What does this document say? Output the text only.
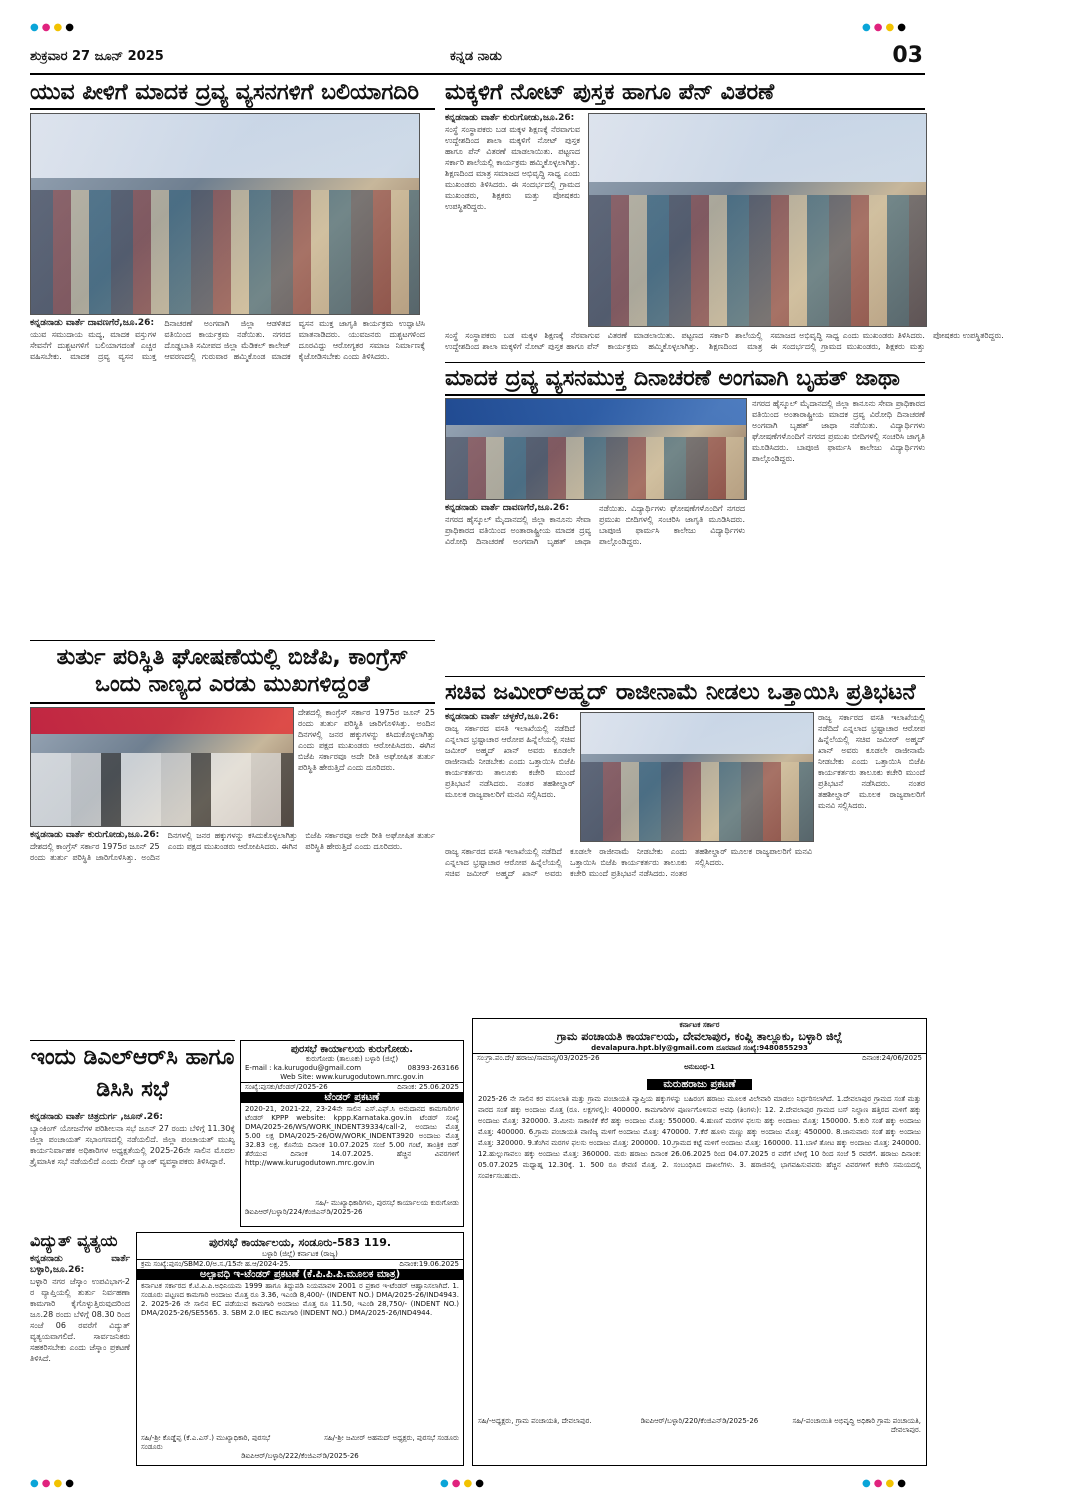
ಶುಕ್ರವಾರ 27 ಜೂನ್ 2025	ಕನ್ನಡ ನಾಡು	03
ಯುವ ಪೀಳಿಗೆ ಮಾದಕ ದ್ರವ್ಯ ವ್ಯಸನಗಳಿಗೆ ಬಲಿಯಾಗದಿರಿ
ಕನ್ನಡನಾಡು ವಾರ್ತೆ ದಾವಣಗೆರೆ,ಜೂ.26:
ಯುವ ಸಮುದಾಯ ಮದ್ಯ, ಮಾದಕ ವಸ್ತುಗಳ ಸೇವನೆಗೆ ದುಶ್ಚಟಗಳಿಗೆ ಬಲಿಯಾಗದಂತೆ ಎಚ್ಚರ ವಹಿಸಬೇಕು. ಮಾದಕ ದ್ರವ್ಯ ವ್ಯಸನ ಮುಕ್ತ ದಿನಾಚರಣೆ ಅಂಗವಾಗಿ ಜಿಲ್ಲಾ ಆಡಳಿತದ ವತಿಯಿಂದ ಕಾರ್ಯಕ್ರಮ ನಡೆಯಿತು. ನಗರದ ದೊಡ್ಡಬಾತಿ ಸಮೀಪದ ಜಿಲ್ಲಾ ಮೆಡಿಕಲ್ ಕಾಲೇಜ್ ಆವರಣದಲ್ಲಿ ಗುರುವಾರ ಹಮ್ಮಿಕೊಂಡ ಮಾದಕ ವ್ಯಸನ ಮುಕ್ತ ಜಾಗೃತಿ ಕಾರ್ಯಕ್ರಮ ಉದ್ಘಾಟಿಸಿ ಮಾತನಾಡಿದರು. ಯುವಜನರು ದುಶ್ಚಟಗಳಿಂದ ದೂರವಿದ್ದು ಆರೋಗ್ಯಕರ ಸಮಾಜ ನಿರ್ಮಾಣಕ್ಕೆ ಕೈಜೋಡಿಸಬೇಕು ಎಂದು ತಿಳಿಸಿದರು.
ಮಕ್ಕಳಿಗೆ ನೋಟ್ ಪುಸ್ತಕ ಹಾಗೂ ಪೆನ್ ವಿತರಣೆ
ಕನ್ನಡನಾಡು ವಾರ್ತೆ ಕುರುಗೋಡು,ಜೂ.26:
ಸಂಸ್ಥೆ ಸಂಸ್ಥಾಪಕರು ಬಡ ಮಕ್ಕಳ ಶಿಕ್ಷಣಕ್ಕೆ ನೆರವಾಗುವ ಉದ್ದೇಶದಿಂದ ಶಾಲಾ ಮಕ್ಕಳಿಗೆ ನೋಟ್ ಪುಸ್ತಕ ಹಾಗೂ ಪೆನ್ ವಿತರಣೆ ಮಾಡಲಾಯಿತು. ಪಟ್ಟಣದ ಸರ್ಕಾರಿ ಶಾಲೆಯಲ್ಲಿ ಕಾರ್ಯಕ್ರಮ ಹಮ್ಮಿಕೊಳ್ಳಲಾಗಿತ್ತು. ಶಿಕ್ಷಣದಿಂದ ಮಾತ್ರ ಸಮಾಜದ ಅಭಿವೃದ್ಧಿ ಸಾಧ್ಯ ಎಂದು ಮುಖಂಡರು ತಿಳಿಸಿದರು. ಈ ಸಂದರ್ಭದಲ್ಲಿ ಗ್ರಾಮದ ಮುಖಂಡರು, ಶಿಕ್ಷಕರು ಮತ್ತು ಪೋಷಕರು ಉಪಸ್ಥಿತರಿದ್ದರು.
ಸಂಸ್ಥೆ ಸಂಸ್ಥಾಪಕರು ಬಡ ಮಕ್ಕಳ ಶಿಕ್ಷಣಕ್ಕೆ ನೆರವಾಗುವ ಉದ್ದೇಶದಿಂದ ಶಾಲಾ ಮಕ್ಕಳಿಗೆ ನೋಟ್ ಪುಸ್ತಕ ಹಾಗೂ ಪೆನ್ ವಿತರಣೆ ಮಾಡಲಾಯಿತು. ಪಟ್ಟಣದ ಸರ್ಕಾರಿ ಶಾಲೆಯಲ್ಲಿ ಕಾರ್ಯಕ್ರಮ ಹಮ್ಮಿಕೊಳ್ಳಲಾಗಿತ್ತು. ಶಿಕ್ಷಣದಿಂದ ಮಾತ್ರ ಸಮಾಜದ ಅಭಿವೃದ್ಧಿ ಸಾಧ್ಯ ಎಂದು ಮುಖಂಡರು ತಿಳಿಸಿದರು. ಈ ಸಂದರ್ಭದಲ್ಲಿ ಗ್ರಾಮದ ಮುಖಂಡರು, ಶಿಕ್ಷಕರು ಮತ್ತು ಪೋಷಕರು ಉಪಸ್ಥಿತರಿದ್ದರು.
ಮಾದಕ ದ್ರವ್ಯ ವ್ಯಸನಮುಕ್ತ ದಿನಾಚರಣೆ ಅಂಗವಾಗಿ ಬೃಹತ್ ಜಾಥಾ
ನಗರದ ಹೈಸ್ಕೂಲ್ ಮೈದಾನದಲ್ಲಿ ಜಿಲ್ಲಾ ಕಾನೂನು ಸೇವಾ ಪ್ರಾಧಿಕಾರದ ವತಿಯಿಂದ ಅಂತಾರಾಷ್ಟ್ರೀಯ ಮಾದಕ ದ್ರವ್ಯ ವಿರೋಧಿ ದಿನಾಚರಣೆ ಅಂಗವಾಗಿ ಬೃಹತ್ ಜಾಥಾ ನಡೆಯಿತು. ವಿದ್ಯಾರ್ಥಿಗಳು ಘೋಷಣೆಗಳೊಂದಿಗೆ ನಗರದ ಪ್ರಮುಖ ಬೀದಿಗಳಲ್ಲಿ ಸಂಚರಿಸಿ ಜಾಗೃತಿ ಮೂಡಿಸಿದರು. ಬಾಪೂಜಿ ಫಾರ್ಮಸಿ ಕಾಲೇಜು ವಿದ್ಯಾರ್ಥಿಗಳು ಪಾಲ್ಗೊಂಡಿದ್ದರು.
ಕನ್ನಡನಾಡು ವಾರ್ತೆ ದಾವಣಗೆರೆ,ಜೂ.26:
ನಗರದ ಹೈಸ್ಕೂಲ್ ಮೈದಾನದಲ್ಲಿ ಜಿಲ್ಲಾ ಕಾನೂನು ಸೇವಾ ಪ್ರಾಧಿಕಾರದ ವತಿಯಿಂದ ಅಂತಾರಾಷ್ಟ್ರೀಯ ಮಾದಕ ದ್ರವ್ಯ ವಿರೋಧಿ ದಿನಾಚರಣೆ ಅಂಗವಾಗಿ ಬೃಹತ್ ಜಾಥಾ ನಡೆಯಿತು. ವಿದ್ಯಾರ್ಥಿಗಳು ಘೋಷಣೆಗಳೊಂದಿಗೆ ನಗರದ ಪ್ರಮುಖ ಬೀದಿಗಳಲ್ಲಿ ಸಂಚರಿಸಿ ಜಾಗೃತಿ ಮೂಡಿಸಿದರು. ಬಾಪೂಜಿ ಫಾರ್ಮಸಿ ಕಾಲೇಜು ವಿದ್ಯಾರ್ಥಿಗಳು ಪಾಲ್ಗೊಂಡಿದ್ದರು.
ತುರ್ತು ಪರಿಸ್ಥಿತಿ ಘೋಷಣೆಯಲ್ಲಿ ಬಿಜೆಪಿ, ಕಾಂಗ್ರೆಸ್ ಒಂದು ನಾಣ್ಯದ ಎರಡು ಮುಖಗಳಿದ್ದಂತೆ
ದೇಶದಲ್ಲಿ ಕಾಂಗ್ರೆಸ್ ಸರ್ಕಾರ 1975ರ ಜೂನ್ 25 ರಂದು ತುರ್ತು ಪರಿಸ್ಥಿತಿ ಜಾರಿಗೊಳಿಸಿತ್ತು. ಅಂದಿನ ದಿನಗಳಲ್ಲಿ ಜನರ ಹಕ್ಕುಗಳನ್ನು ಕಸಿದುಕೊಳ್ಳಲಾಗಿತ್ತು ಎಂದು ಪಕ್ಷದ ಮುಖಂಡರು ಆರೋಪಿಸಿದರು. ಈಗಿನ ಬಿಜೆಪಿ ಸರ್ಕಾರವೂ ಅದೇ ರೀತಿ ಅಘೋಷಿತ ತುರ್ತು ಪರಿಸ್ಥಿತಿ ಹೇರುತ್ತಿದೆ ಎಂದು ದೂರಿದರು.
ಕನ್ನಡನಾಡು ವಾರ್ತೆ ಕುರುಗೋಡು,ಜೂ.26:
ದೇಶದಲ್ಲಿ ಕಾಂಗ್ರೆಸ್ ಸರ್ಕಾರ 1975ರ ಜೂನ್ 25 ರಂದು ತುರ್ತು ಪರಿಸ್ಥಿತಿ ಜಾರಿಗೊಳಿಸಿತ್ತು. ಅಂದಿನ ದಿನಗಳಲ್ಲಿ ಜನರ ಹಕ್ಕುಗಳನ್ನು ಕಸಿದುಕೊಳ್ಳಲಾಗಿತ್ತು ಎಂದು ಪಕ್ಷದ ಮುಖಂಡರು ಆರೋಪಿಸಿದರು. ಈಗಿನ ಬಿಜೆಪಿ ಸರ್ಕಾರವೂ ಅದೇ ರೀತಿ ಅಘೋಷಿತ ತುರ್ತು ಪರಿಸ್ಥಿತಿ ಹೇರುತ್ತಿದೆ ಎಂದು ದೂರಿದರು.
ಸಚಿವ ಜಮೀರ್‌ಅಹ್ಮದ್ ರಾಜೀನಾಮೆ ನೀಡಲು ಒತ್ತಾಯಿಸಿ ಪ್ರತಿಭಟನೆ
ಕನ್ನಡನಾಡು ವಾರ್ತೆ ಚಳ್ಳಕೆರೆ,ಜೂ.26:
ರಾಜ್ಯ ಸರ್ಕಾರದ ವಸತಿ ಇಲಾಖೆಯಲ್ಲಿ ನಡೆದಿದೆ ಎನ್ನಲಾದ ಭ್ರಷ್ಟಾಚಾರ ಆರೋಪ ಹಿನ್ನೆಲೆಯಲ್ಲಿ ಸಚಿವ ಜಮೀರ್ ಅಹ್ಮದ್ ಖಾನ್ ಅವರು ಕೂಡಲೇ ರಾಜೀನಾಮೆ ನೀಡಬೇಕು ಎಂದು ಒತ್ತಾಯಿಸಿ ಬಿಜೆಪಿ ಕಾರ್ಯಕರ್ತರು ತಾಲೂಕು ಕಚೇರಿ ಮುಂದೆ ಪ್ರತಿಭಟನೆ ನಡೆಸಿದರು. ನಂತರ ತಹಶೀಲ್ದಾರ್ ಮೂಲಕ ರಾಜ್ಯಪಾಲರಿಗೆ ಮನವಿ ಸಲ್ಲಿಸಿದರು.
ರಾಜ್ಯ ಸರ್ಕಾರದ ವಸತಿ ಇಲಾಖೆಯಲ್ಲಿ ನಡೆದಿದೆ ಎನ್ನಲಾದ ಭ್ರಷ್ಟಾಚಾರ ಆರೋಪ ಹಿನ್ನೆಲೆಯಲ್ಲಿ ಸಚಿವ ಜಮೀರ್ ಅಹ್ಮದ್ ಖಾನ್ ಅವರು ಕೂಡಲೇ ರಾಜೀನಾಮೆ ನೀಡಬೇಕು ಎಂದು ಒತ್ತಾಯಿಸಿ ಬಿಜೆಪಿ ಕಾರ್ಯಕರ್ತರು ತಾಲೂಕು ಕಚೇರಿ ಮುಂದೆ ಪ್ರತಿಭಟನೆ ನಡೆಸಿದರು. ನಂತರ ತಹಶೀಲ್ದಾರ್ ಮೂಲಕ ರಾಜ್ಯಪಾಲರಿಗೆ ಮನವಿ ಸಲ್ಲಿಸಿದರು.
ರಾಜ್ಯ ಸರ್ಕಾರದ ವಸತಿ ಇಲಾಖೆಯಲ್ಲಿ ನಡೆದಿದೆ ಎನ್ನಲಾದ ಭ್ರಷ್ಟಾಚಾರ ಆರೋಪ ಹಿನ್ನೆಲೆಯಲ್ಲಿ ಸಚಿವ ಜಮೀರ್ ಅಹ್ಮದ್ ಖಾನ್ ಅವರು ಕೂಡಲೇ ರಾಜೀನಾಮೆ ನೀಡಬೇಕು ಎಂದು ಒತ್ತಾಯಿಸಿ ಬಿಜೆಪಿ ಕಾರ್ಯಕರ್ತರು ತಾಲೂಕು ಕಚೇರಿ ಮುಂದೆ ಪ್ರತಿಭಟನೆ ನಡೆಸಿದರು. ನಂತರ ತಹಶೀಲ್ದಾರ್ ಮೂಲಕ ರಾಜ್ಯಪಾಲರಿಗೆ ಮನವಿ ಸಲ್ಲಿಸಿದರು.
ಇಂದು ಡಿಎಲ್‌ಆರ್‌ಸಿ ಹಾಗೂ ಡಿಸಿಸಿ ಸಭೆ
ಕನ್ನಡನಾಡು ವಾರ್ತೆ ಚಿತ್ರದುರ್ಗ ,ಜೂನ್.26:
ಬ್ಯಾಂಕಿಂಗ್ ಯೋಜನೆಗಳ ಪರಿಶೀಲನಾ ಸಭೆ ಜೂನ್ 27 ರಂದು ಬೆಳಿಗ್ಗೆ 11.30ಕ್ಕೆ ಜಿಲ್ಲಾ ಪಂಚಾಯತ್ ಸಭಾಂಗಣದಲ್ಲಿ ನಡೆಯಲಿದೆ. ಜಿಲ್ಲಾ ಪಂಚಾಯತ್ ಮುಖ್ಯ ಕಾರ್ಯನಿರ್ವಾಹಕ ಅಧಿಕಾರಿಗಳ ಅಧ್ಯಕ್ಷತೆಯಲ್ಲಿ 2025-26ನೇ ಸಾಲಿನ ಮೊದಲ ತ್ರೈಮಾಸಿಕ ಸಭೆ ನಡೆಯಲಿದೆ ಎಂದು ಲೀಡ್ ಬ್ಯಾಂಕ್ ವ್ಯವಸ್ಥಾಪಕರು ತಿಳಿಸಿದ್ದಾರೆ.
ವಿದ್ಯುತ್ ವ್ಯತ್ಯಯ
ಕನ್ನಡನಾಡು ವಾರ್ತೆ ಬಳ್ಳಾರಿ,ಜೂ.26:
ಬಳ್ಳಾರಿ ನಗರ ಜೆಸ್ಕಾಂ ಉಪವಿಭಾಗ-2 ರ ವ್ಯಾಪ್ತಿಯಲ್ಲಿ ತುರ್ತು ನಿರ್ವಹಣಾ ಕಾಮಗಾರಿ ಕೈಗೊಳ್ಳುತ್ತಿರುವುದರಿಂದ ಜೂ.28 ರಂದು ಬೆಳಿಗ್ಗೆ 08.30 ರಿಂದ ಸಂಜೆ 06 ರವರೆಗೆ ವಿದ್ಯುತ್ ವ್ಯತ್ಯಯವಾಗಲಿದೆ. ಸಾರ್ವಜನಿಕರು ಸಹಕರಿಸಬೇಕು ಎಂದು ಜೆಸ್ಕಾಂ ಪ್ರಕಟಣೆ ತಿಳಿಸಿದೆ.
ಪುರಸಭೆ ಕಾರ್ಯಾಲಯ ಕುರುಗೋಡು.
ಕುರುಗೋಡು (ತಾಲೂಕು) ಬಳ್ಳಾರಿ (ಜಿಲ್ಲೆ)
E-mail : ka.kurugodu@gmail.com	08393-263166
Web Site: www.kurugodutown.mrc.gov.in
ಸಂಖ್ಯೆ:ಪುಸಕು/ಟೆಂಡರ್/2025-26	ದಿನಾಂಕ: 25.06.2025
ಟೆಂಡರ್ ಪ್ರಕಟಣೆ
2020-21, 2021-22, 23-24ನೇ ಸಾಲಿನ ಎಸ್.ಎಫ್.ಸಿ ಅನುದಾನದ ಕಾಮಗಾರಿಗಳ ಟೆಂಡರ್ KPPP website: kppp.Karnataka.gov.in ಟೆಂಡರ್ ಸಂಖ್ಯೆ DMA/2025-26/WS/WORK_INDENT39334/call-2, ಅಂದಾಜು ಮೊತ್ತ 5.00 ಲಕ್ಷ DMA/2025-26/OW/WORK_INDENT3920 ಅಂದಾಜು ಮೊತ್ತ 32.83 ಲಕ್ಷ. ಕೊನೆಯ ದಿನಾಂಕ 10.07.2025 ಸಂಜೆ 5.00 ಗಂಟೆ, ತಾಂತ್ರಿಕ ಬಿಡ್ ತೆರೆಯುವ ದಿನಾಂಕ 14.07.2025. ಹೆಚ್ಚಿನ ವಿವರಗಳಿಗೆ http://www.kurugodutown.mrc.gov.in
ಸಹಿ/- ಮುಖ್ಯಾಧಿಕಾರಿಗಳು, ಪುರಸಭೆ ಕಾರ್ಯಾಲಯ ಕುರುಗೋಡು
ಡಿಐಪಿಆರ್/ಬಳ್ಳಾರಿ/224/ಕೆಂಜಿಎನ್‌ಡಿ/2025-26
ಪುರಸಭೆ ಕಾರ್ಯಾಲಯ, ಸಂಡೂರು-583 119.
ಬಳ್ಳಾರಿ (ಜಿಲ್ಲೆ) ಕರ್ನಾಟಕ (ರಾಜ್ಯ)
ಕ್ರಮ ಸಂಖ್ಯೆ:ಪುಸಂ/SBM2.0/ಅ.ಸ./15ನೇ ಹ.ಆ/2024-25.	ದಿನಾಂಕ:19.06.2025
ಅಲ್ಪಾವಧಿ ಇ-ಟೆಂಡರ್ ಪ್ರಕಟಣೆ (ಕೆ.ಪಿ.ಪಿ.ಪಿ.ಮೂಲಕ ಮಾತ್ರ)
ಕರ್ನಾಟಕ ಸರ್ಕಾರದ ಕೆ.ಟಿ.ಪಿ.ಪಿ.ಅಧಿನಿಯಮ 1999 ಹಾಗೂ ತಿದ್ದುಪಡಿ ನಿಯಮಾವಳಿ 2001 ರ ಪ್ರಕಾರ ಇ-ಟೆಂಡರ್ ಆಹ್ವಾನಿಸಲಾಗಿದೆ. 1. ಸಂಡೂರು ಪಟ್ಟಣದ ಕಾಮಗಾರಿ ಅಂದಾಜು ಮೊತ್ತ ರೂ 3.36, ಇಎಂಡಿ 8,400/- (INDENT NO.) DMA/2025-26/IND4943. 2. 2025-26 ನೇ ಸಾಲಿನ EC ಪಡೆಯುವ ಕಾಮಗಾರಿ ಅಂದಾಜು ಮೊತ್ತ ರೂ 11.50, ಇಎಂಡಿ 28,750/- (INDENT NO.) DMA/2025-26/SE5565. 3. SBM 2.0 IEC ಕಾಮಗಾರಿ (INDENT NO.) DMA/2025-26/IND4944.
ಸಹಿ/-ಶ್ರೀ ಕೊಡ್ಡೆಪ್ಪ (ಕೆ.ಎ.ಎಸ್.) ಮುಖ್ಯಾಧಿಕಾರಿ, ಪುರಸಭೆ ಸಂಡೂರು
ಸಹಿ/-ಶ್ರೀ ಜಮೀರ್ ಅಹಮದ್ ಅಧ್ಯಕ್ಷರು, ಪುರಸಭೆ ಸಂಡೂರು
ಡಿಐಪಿಆರ್/ಬಳ್ಳಾರಿ/222/ಕೆಂಜಿಎನ್‌ಡಿ/2025-26
ಕರ್ನಾಟಕ ಸರ್ಕಾರ
ಗ್ರಾಮ ಪಂಚಾಯತಿ ಕಾರ್ಯಾಲಯ, ದೇವಲಾಪುರ, ಕಂಪ್ಲಿ ತಾಲ್ಲೂಕು, ಬಳ್ಳಾರಿ ಜಿಲ್ಲೆ
devalapura.hpt.bly@gmail.com ದೂರವಾಣಿ ಸಂಖ್ಯೆ:9480855293
ಸಂ:ಗ್ರಾ.ಪಂ.ದೇ/ ಹರಾಜು/ಸಾಮಾನ್ಯ/03/2025-26	ದಿನಾಂಕ:24/06/2025
ಅನುಬಂಧ-1
ಮರುಹರಾಜು ಪ್ರಕಟಣೆ
2025-26 ನೇ ಸಾಲಿನ ಕರ ವಸೂಲಾತಿ ಮತ್ತು ಗ್ರಾಮ ಪಂಚಾಯತಿ ವ್ಯಾಪ್ತಿಯ ಹಕ್ಕುಗಳನ್ನು ಬಹಿರಂಗ ಹರಾಜು ಮೂಲಕ ವಿಲೇವಾರಿ ಮಾಡಲು ನಿರ್ಧರಿಸಲಾಗಿದೆ. 1.ದೇವಲಾಪುರ ಗ್ರಾಮದ ಸಂತೆ ಮತ್ತು ವಾರದ ಸಂತೆ ಹಕ್ಕು ಅಂದಾಜು ಮೊತ್ತ (ರೂ. ಲಕ್ಷಗಳಲ್ಲಿ): 400000. ಕಾಮಗಾರಿಗಳ ಪೂರ್ಣಗೊಳಿಸುವ ಅವಧಿ (ತಿಂಗಳು): 12. 2.ದೇವಲಾಪುರ ಗ್ರಾಮದ ಬಸ್ ನಿಲ್ದಾಣ ಹತ್ತಿರದ ಮಳಿಗೆ ಹಕ್ಕು ಅಂದಾಜು ಮೊತ್ತ: 320000. 3.ಮೀನು ಸಾಕಾಣಿಕೆ ಕೆರೆ ಹಕ್ಕು ಅಂದಾಜು ಮೊತ್ತ: 550000. 4.ಹುಣಸೆ ಮರಗಳ ಫಲಸು ಹಕ್ಕು ಅಂದಾಜು ಮೊತ್ತ: 150000. 5.ಕುರಿ ಸಂತೆ ಹಕ್ಕು ಅಂದಾಜು ಮೊತ್ತ: 400000. 6.ಗ್ರಾಮ ಪಂಚಾಯತಿ ವಾಣಿಜ್ಯ ಮಳಿಗೆ ಅಂದಾಜು ಮೊತ್ತ: 470000. 7.ಕೆರೆ ಹೂಳು ಮಣ್ಣು ಹಕ್ಕು ಅಂದಾಜು ಮೊತ್ತ: 450000. 8.ಜಾನುವಾರು ಸಂತೆ ಹಕ್ಕು ಅಂದಾಜು ಮೊತ್ತ: 320000. 9.ತೆಂಗಿನ ಮರಗಳ ಫಲಸು ಅಂದಾಜು ಮೊತ್ತ: 200000. 10.ಗ್ರಾಮದ ಕಟ್ಟೆ ಮಳಿಗೆ ಅಂದಾಜು ಮೊತ್ತ: 160000. 11.ಬಾಳೆ ತೋಟ ಹಕ್ಕು ಅಂದಾಜು ಮೊತ್ತ: 240000. 12.ಹುಲ್ಲುಗಾವಲು ಹಕ್ಕು ಅಂದಾಜು ಮೊತ್ತ: 360000. ಮರು ಹರಾಜು ದಿನಾಂಕ 26.06.2025 ರಿಂದ 04.07.2025 ರ ವರೆಗೆ ಬೆಳಿಗ್ಗೆ 10 ರಿಂದ ಸಂಜೆ 5 ರವರೆಗೆ. ಹರಾಜು ದಿನಾಂಕ: 05.07.2025 ಮಧ್ಯಾಹ್ನ 12.30ಕ್ಕೆ. 1. 500 ರೂ ಠೇವಣಿ ಮೊತ್ತ. 2. ಸಂಬಂಧಿಸಿದ ದಾಖಲೆಗಳು. 3. ಹರಾಜಿನಲ್ಲಿ ಭಾಗವಹಿಸುವವರು ಹೆಚ್ಚಿನ ವಿವರಗಳಿಗೆ ಕಚೇರಿ ಸಮಯದಲ್ಲಿ ಸಂಪರ್ಕಿಸಬಹುದು.
ಸಹಿ/-ಅಧ್ಯಕ್ಷರು, ಗ್ರಾಮ ಪಂಚಾಯತಿ, ದೇವಲಾಪುರ.	ಡಿಐಪಿಆರ್/ಬಳ್ಳಾರಿ/220/ಕೆಂಜಿಎನ್‌ಡಿ/2025-26	ಸಹಿ/-ಪಂಚಾಯಿತಿ ಅಭಿವೃದ್ಧಿ ಅಧಿಕಾರಿ ಗ್ರಾಮ ಪಂಚಾಯತಿ, ದೇವಲಾಪುರ.
●●●●	●●●●
●●●●	●●●●	●●●●
